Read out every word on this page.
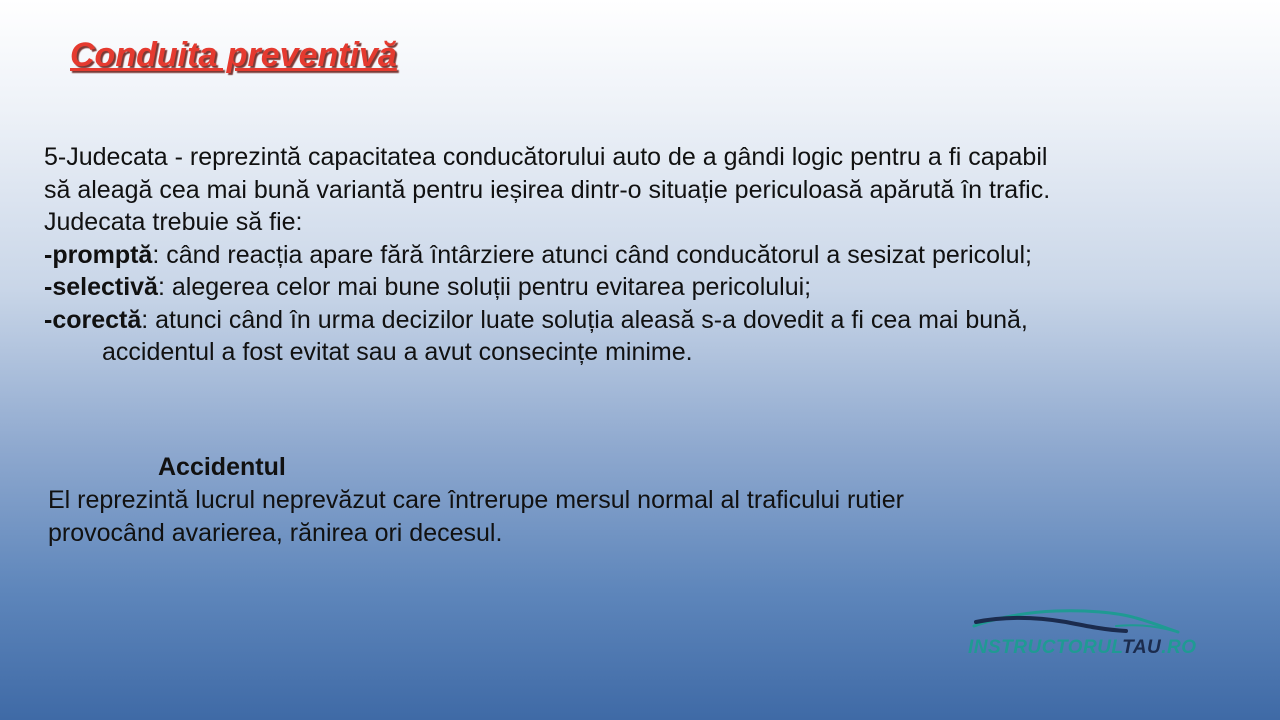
Conduita preventivă

5-Judecata - reprezintă capacitatea conducătorului auto de a gândi logic pentru a fi capabil

să aleagă cea mai bună variantă pentru ieșirea dintr-o situație periculoasă apărută în trafic.

Judecata trebuie să fie:

-promptă: când reacția apare fără întârziere atunci când conducătorul a sesizat pericolul;

-selectivă: alegerea celor mai bune soluții pentru evitarea pericolului;

-corectă: atunci când în urma decizilor luate soluția aleasă s-a dovedit a fi cea mai bună,

accidentul a fost evitat sau a avut consecințe minime.

Accidentul

El reprezintă lucrul neprevăzut care întrerupe mersul normal al traficului rutier
provocând avarierea, rănirea ori decesul.

INSTRUCTORULTAU.RO
